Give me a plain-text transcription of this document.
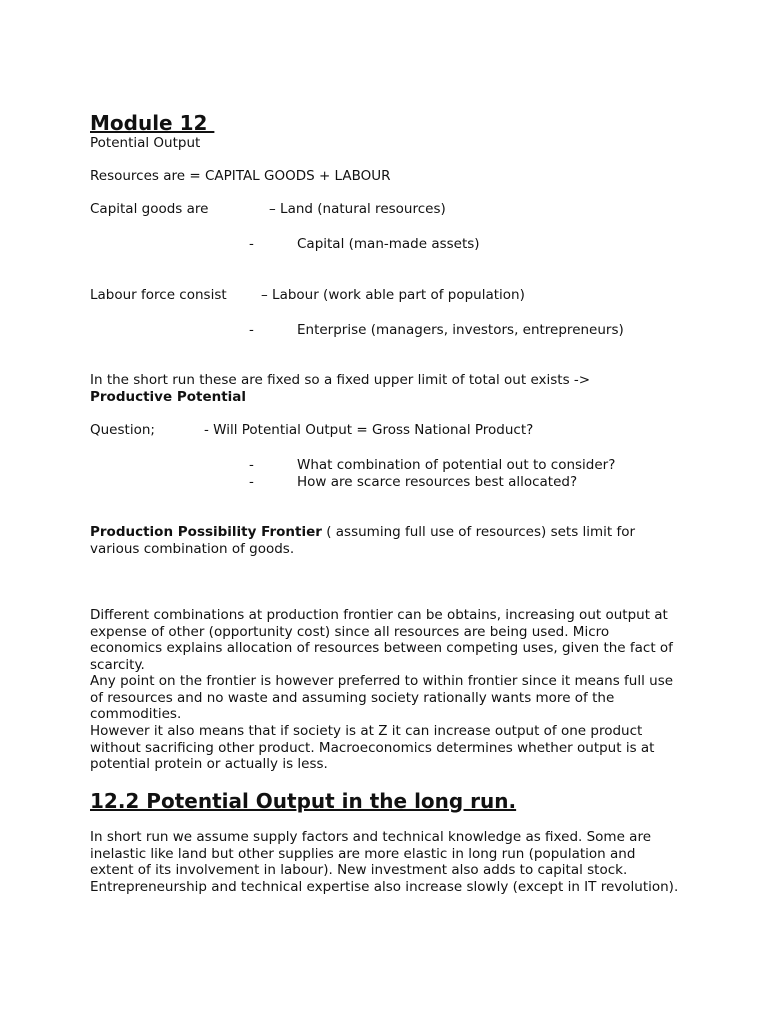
Module 12
Potential Output
Resources are = CAPITAL GOODS + LABOUR
Capital goods are	– Land (natural resources)
-	Capital (man-made assets)
Labour force consist	– Labour (work able part of population)
-	Enterprise (managers, investors, entrepreneurs)
In the short run these are fixed so a fixed upper limit of total out exists ->
Productive Potential
Question;	- Will Potential Output = Gross National Product?
-	What combination of potential out to consider?
-	How are scarce resources best allocated?
Production Possibility Frontier ( assuming full use of resources) sets limit for various combination of goods.
Different combinations at production frontier can be obtains, increasing out output at expense of other (opportunity cost) since all resources are being used. Micro economics explains allocation of resources between competing uses, given the fact of scarcity.
Any point on the frontier is however preferred to within frontier since it means full use of resources and no waste and assuming society rationally wants more of the commodities.
However it also means that if society is at Z it can increase output of one product without sacrificing other product. Macroeconomics determines whether output is at potential protein or actually is less.
12.2 Potential Output in the long run.
In short run we assume supply factors and technical knowledge as fixed. Some are inelastic like land but other supplies are more elastic in long run (population and extent of its involvement in labour). New investment also adds to capital stock. Entrepreneurship and technical expertise also increase slowly (except in IT revolution).
